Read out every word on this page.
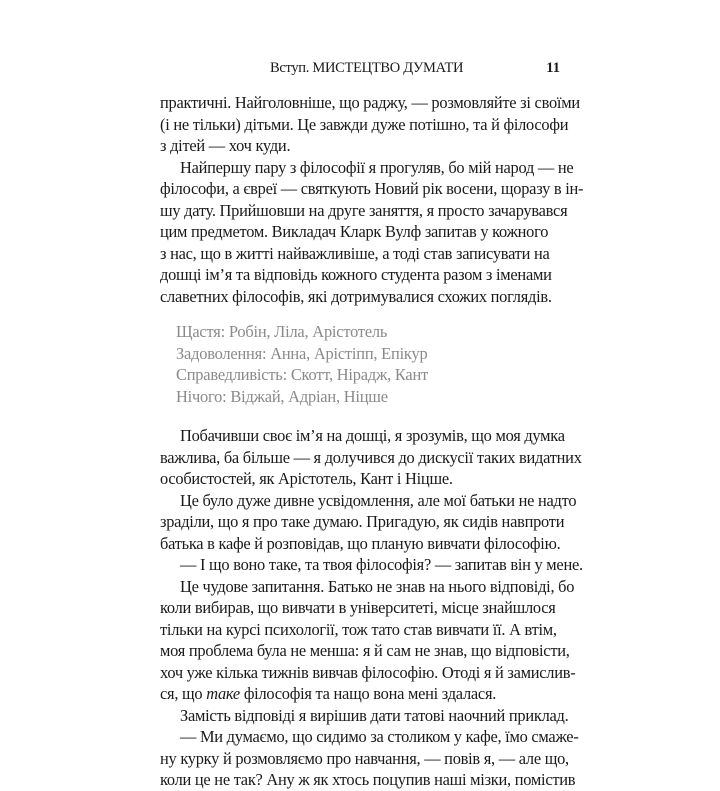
Вступ. МИСТЕЦТВО ДУМАТИ	11
практичні. Найголовніше, що раджу, — розмовляйте зі своїми
(і не тільки) дітьми. Це завжди дуже потішно, та й філософи
з дітей — хоч куди.
Найпершу пару з філософії я прогуляв, бо мій народ — не
філософи, а євреї — святкують Новий рік восени, щоразу в ін-
шу дату. Прийшовши на друге заняття, я просто зачарувався
цим предметом. Викладач Кларк Вулф запитав у кожного
з нас, що в житті найважливіше, а тоді став записувати на
дошці ім’я та відповідь кожного студента разом з іменами
славетних філософів, які дотримувалися схожих поглядів.
Щастя: Робін, Ліла, Арістотель
Задоволення: Анна, Арістіпп, Епікур
Справедливість: Скотт, Нірадж, Кант
Нічого: Віджай, Адріан, Ніцше
Побачивши своє ім’я на дошці, я зрозумів, що моя думка
важлива, ба більше — я долучився до дискусії таких видатних
особистостей, як Арістотель, Кант і Ніцше.
Це було дуже дивне усвідомлення, але мої батьки не надто
зраділи, що я про таке думаю. Пригадую, як сидів навпроти
батька в кафе й розповідав, що планую вивчати філософію.
— І що воно таке, та твоя філософія? — запитав він у мене.
Це чудове запитання. Батько не знав на нього відповіді, бо
коли вибирав, що вивчати в університеті, місце знайшлося
тільки на курсі психології, тож тато став вивчати її. А втім,
моя проблема була не менша: я й сам не знав, що відповісти,
хоч уже кілька тижнів вивчав філософію. Отоді я й замислив-
ся, що таке філософія та нащо вона мені здалася.
Замість відповіді я вирішив дати татові наочний приклад.
— Ми думаємо, що сидимо за столиком у кафе, їмо смаже-
ну курку й розмовляємо про навчання, — повів я, — але що,
коли це не так? Ану ж як хтось поцупив наші мізки, помістив
